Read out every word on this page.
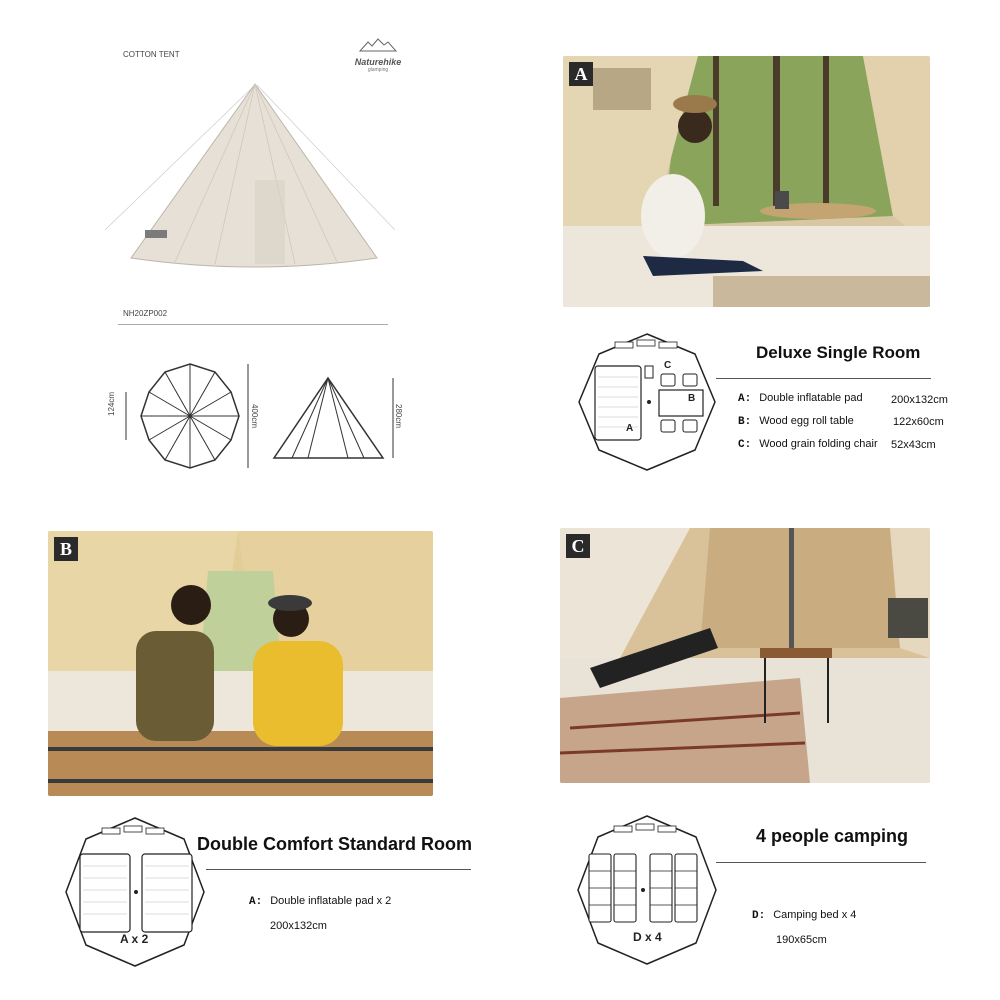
COTTON TENT
Naturehike
glamping
NH20ZP002
124cm
400cm	280cm
A
A
B
C
Deluxe Single Room
A: Double inflatable pad	200x132cm
B: Wood egg roll table	122x60cm
C: Wood grain folding chair 52x43cm
B
A x 2
Double Comfort Standard Room
A: Double inflatable pad x 2
200x132cm
C
D x 4
4 people camping
D: Camping bed x 4
190x65cm
